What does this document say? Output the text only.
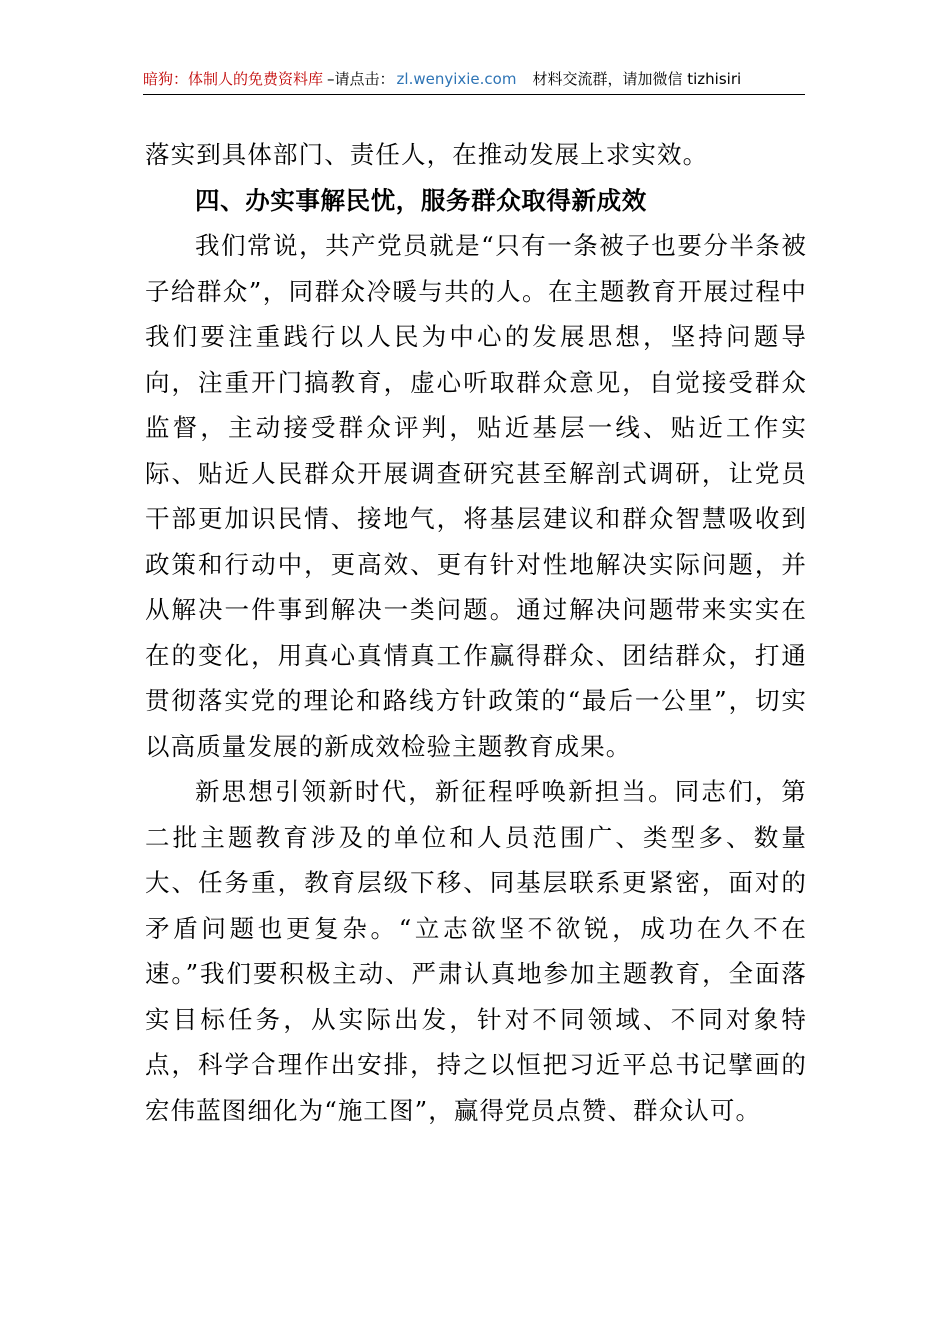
暗狗：体制人的免费资料库 –请点击： zl.wenyixie.com 材料交流群，请加微信 tizhisiri

落实到具体部门、责任人，在推动发展上求实效。

四、办实事解民忧，服务群众取得新成效

我们常说，共产党员就是“只有一条被子也要分半条被子给群众”，同群众冷暖与共的人。在主题教育开展过程中我们要注重践行以人民为中心的发展思想，坚持问题导向，注重开门搞教育，虚心听取群众意见，自觉接受群众监督，主动接受群众评判，贴近基层一线、贴近工作实际、贴近人民群众开展调查研究甚至解剖式调研，让党员干部更加识民情、接地气，将基层建议和群众智慧吸收到政策和行动中，更高效、更有针对性地解决实际问题，并从解决一件事到解决一类问题。通过解决问题带来实实在在的变化，用真心真情真工作赢得群众、团结群众，打通贯彻落实党的理论和路线方针政策的“最后一公里”，切实以高质量发展的新成效检验主题教育成果。

新思想引领新时代，新征程呼唤新担当。同志们，第二批主题教育涉及的单位和人员范围广、类型多、数量大、任务重，教育层级下移、同基层联系更紧密，面对的矛盾问题也更复杂。“立志欲坚不欲锐，成功在久不在速。”我们要积极主动、严肃认真地参加主题教育，全面落实目标任务，从实际出发，针对不同领域、不同对象特点，科学合理作出安排，持之以恒把习近平总书记擘画的宏伟蓝图细化为“施工图”，赢得党员点赞、群众认可。
